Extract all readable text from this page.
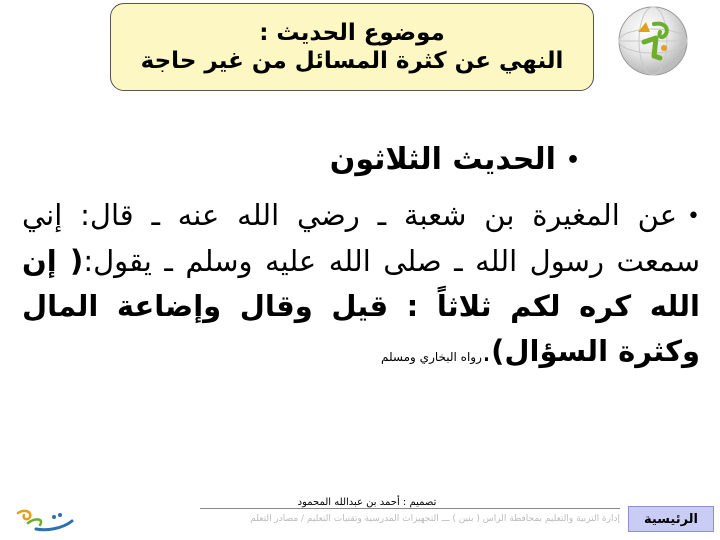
موضوع الحديث :
النهي عن كثرة المسائل من غير حاجة
•الحديث الثلاثون
•عن المغيرة بن شعبة ـ رضي الله عنه ـ قال: إني سمعت رسول الله ـ صلى الله عليه وسلم ـ يقول:( إن الله كره لكم ثلاثاً : قيل وقال وإضاعة المال وكثرة السؤال).رواه البخاري ومسلم
تصميم : أحمد بن عبدالله المحمود
إدارة التربية والتعليم بمحافظة الرأس ( بنين ) ـــ التجهيزات المدرسية وتقنيات التعليم / مصادر التعلم	الرئيسية
